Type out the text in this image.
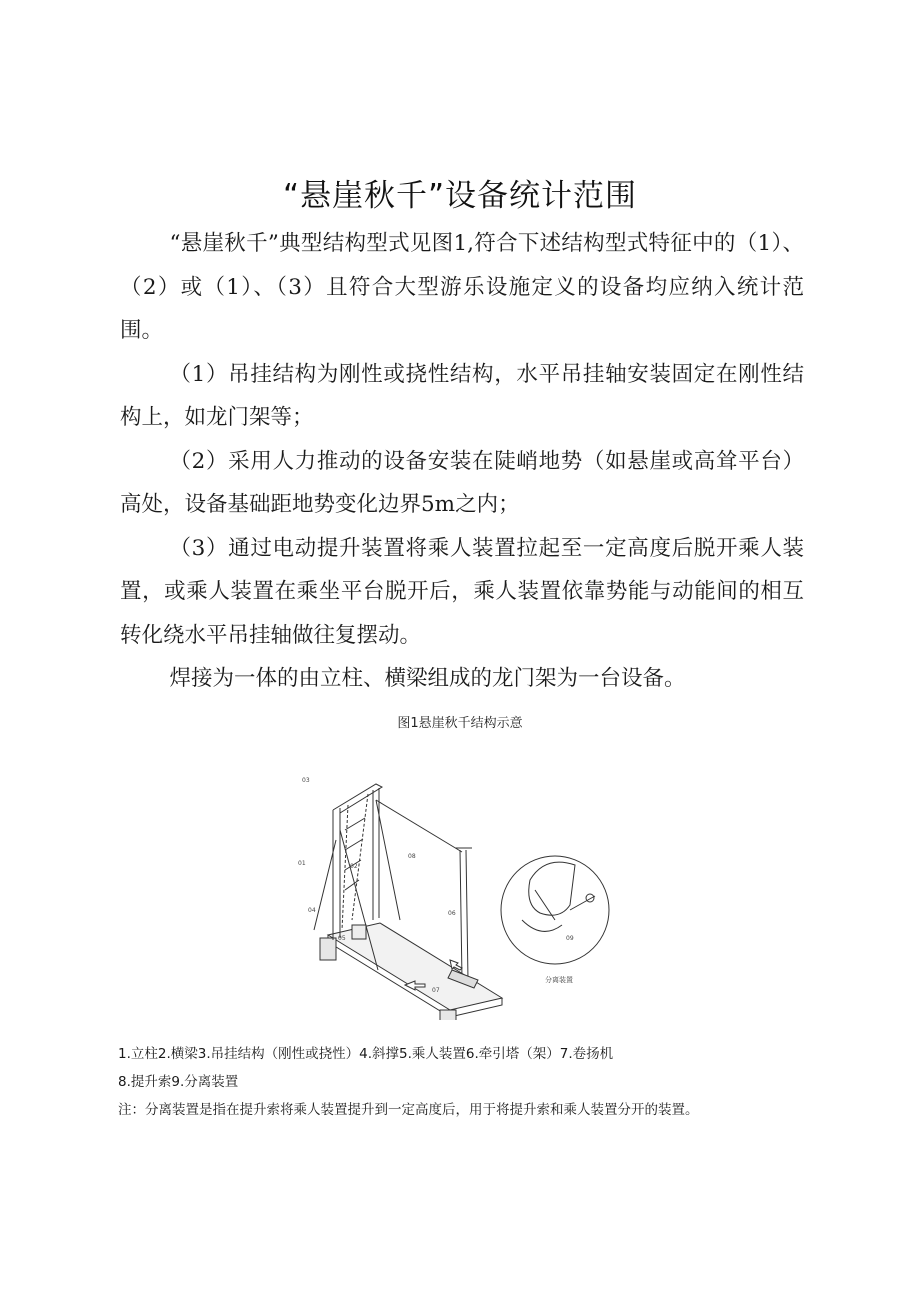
“悬崖秋千”设备统计范围

“悬崖秋千”典型结构型式见图1,符合下述结构型式特征中的（1）、（2）或（1）、（3）且符合大型游乐设施定义的设备均应纳入统计范围。

（1）吊挂结构为刚性或挠性结构，水平吊挂轴安装固定在刚性结构上，如龙门架等；

（2）采用人力推动的设备安装在陡峭地势（如悬崖或高耸平台）高处，设备基础距地势变化边界5m之内；

（3）通过电动提升装置将乘人装置拉起至一定高度后脱开乘人装置，或乘人装置在乘坐平台脱开后，乘人装置依靠势能与动能间的相互转化绕水平吊挂轴做往复摆动。

焊接为一体的由立柱、横梁组成的龙门架为一台设备。

图1悬崖秋千结构示意
03
01	02
05
04	06
07
08
09
分离装置
1.立柱2.横梁3.吊挂结构（刚性或挠性）4.斜撑5.乘人装置6.牵引塔（架）7.卷扬机
8.提升索9.分离装置
注：分离装置是指在提升索将乘人装置提升到一定高度后，用于将提升索和乘人装置分开的装置。
